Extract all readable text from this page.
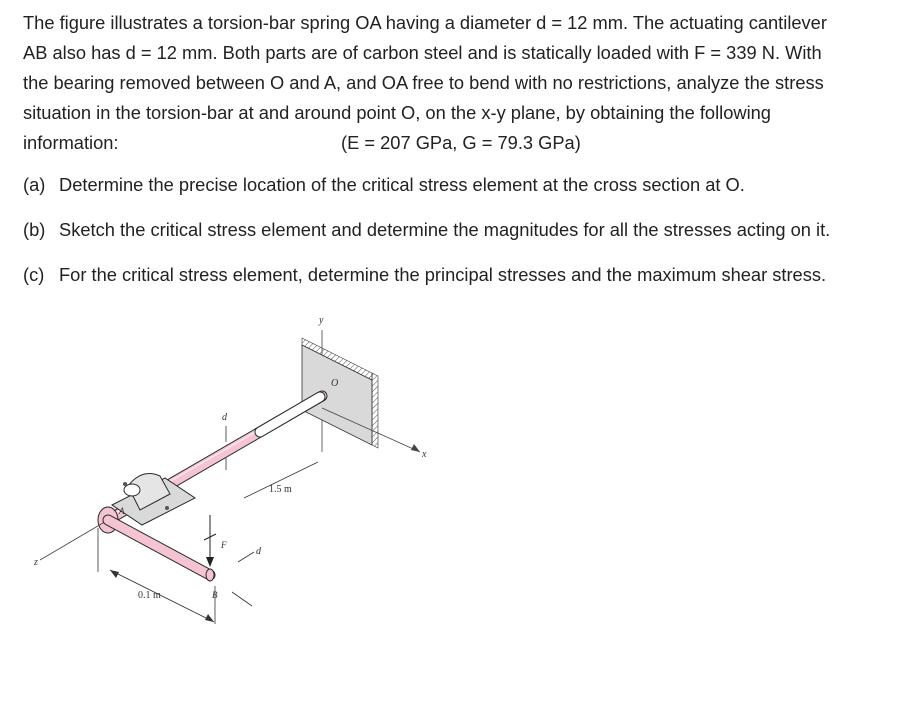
The figure illustrates a torsion-bar spring OA having a diameter d = 12 mm. The actuating cantilever
AB also has d = 12 mm. Both parts are of carbon steel and is statically loaded with F = 339 N. With
the bearing removed between O and A, and OA free to bend with no restrictions, analyze the stress
situation in the torsion-bar at and around point O, on the x-y plane, by obtaining the following
information:	(E = 207 GPa, G = 79.3 GPa)
(a) Determine the precise location of the critical stress element at the cross section at O.
(b) Sketch the critical stress element and determine the magnitudes for all the stresses acting on it.
(c) For the critical stress element, determine the principal stresses and the maximum shear stress.
y
O
x
d
A
z
F
d
1.5 m
0.1 m	B
